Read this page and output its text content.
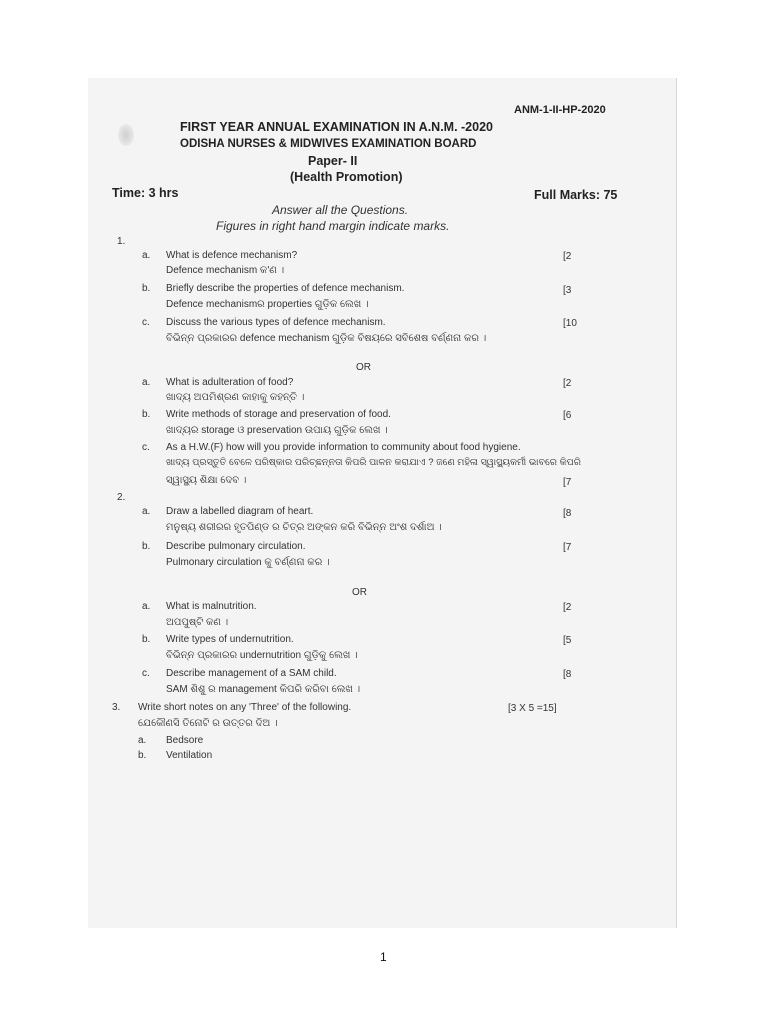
ANM-1-II-HP-2020
FIRST YEAR ANNUAL EXAMINATION IN A.N.M. -2020
ODISHA NURSES & MIDWIVES EXAMINATION BOARD
Paper- II
(Health Promotion)
Time: 3 hrs	Full Marks: 75
Answer all the Questions.
Figures in right hand margin indicate marks.
1.
a. What is defence mechanism?	[2
Defence mechanism କ'ଣ ।
b. Briefly describe the properties of defence mechanism.	[3
Defence mechanismର properties ଗୁଡ଼ିକ ଲେଖ ।
c. Discuss the various types of defence mechanism.	[10
ବିଭିନ୍ନ ପ୍ରକାରର defence mechanism ଗୁଡ଼ିକ ବିଷୟରେ ସବିଶେଷ ବର୍ଣ୍ଣନା କର ।
OR
a. What is adulteration of food?	[2
ଖାଦ୍ୟ ଅପମିଶ୍ରଣ କାହାକୁ କହନ୍ତି ।
b. Write methods of storage and preservation of food.	[6
ଖାଦ୍ୟର storage ଓ preservation ଉପାୟ ଗୁଡ଼ିକ ଲେଖ ।
c. As a H.W.(F) how will you provide information to community about food hygiene.
ଖାଦ୍ୟ ପ୍ରସ୍ତୁତି ବେଳେ ପରିଷ୍କାର ପରିଚ୍ଛନ୍ନତା କିପରି ପାଳନ କରାଯାଏ ? ଜଣେ ମହିଳା ସ୍ୱାସ୍ଥ୍ୟକର୍ମୀ ଭାବରେ କିପରି
ସ୍ୱାସ୍ଥ୍ୟ ଶିକ୍ଷା ଦେବ ।	[7
2.
a. Draw a labelled diagram of heart.	[8
ମନୁଷ୍ୟ ଶରୀରର ହୃତପିଣ୍ଡ ର ଚିତ୍ର ଅଙ୍କନ କରି ବିଭିନ୍ନ ଅଂଶ ଦର୍ଶାଅ ।
b. Describe pulmonary circulation.	[7
Pulmonary circulation କୁ ବର୍ଣ୍ଣନା କର ।
OR
a. What is malnutrition.	[2
ଅପପୁଷ୍ଟି କଣ ।
b. Write types of undernutrition.	[5
ବିଭିନ୍ନ ପ୍ରକାରର undernutrition ଗୁଡ଼ିକୁ ଲେଖ ।
c. Describe management of a SAM child.	[8
SAM ଶିଶୁ ର management କିପରି କରିବା ଲେଖ ।
3. Write short notes on any 'Three' of the following.	[3 X 5 =15]
ଯେକୌଣସି ତିନୋଟି ର ଉତ୍ତର ଦିଅ ।
a. Bedsore
b. Ventilation
1
